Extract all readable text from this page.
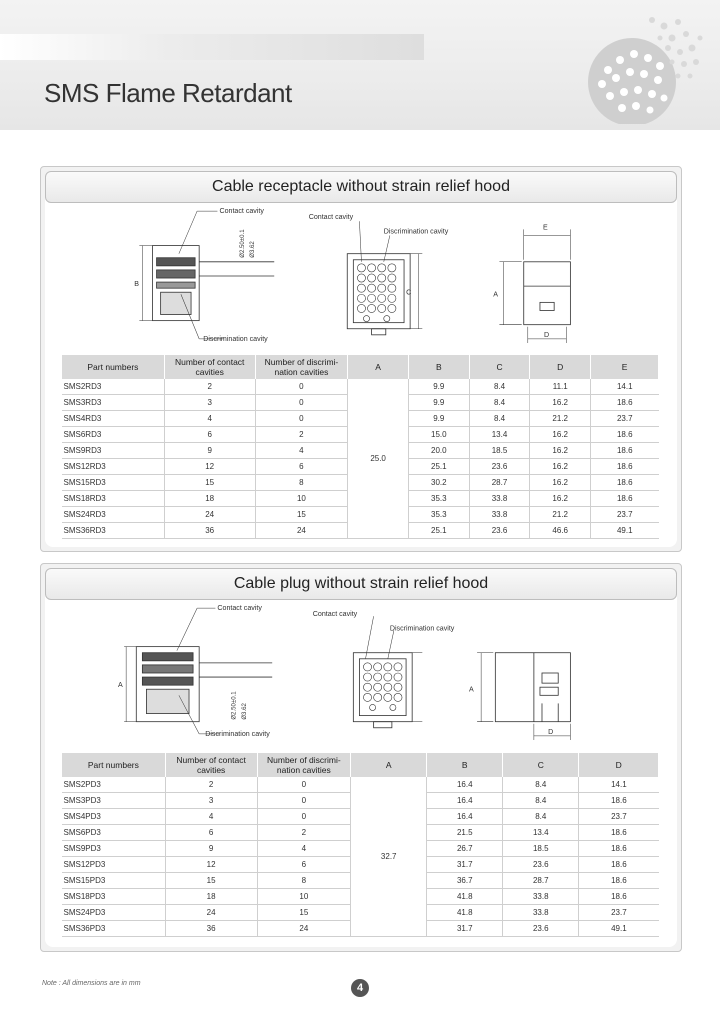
SMS Flame Retardant
Cable receptacle without strain relief hood
Contact cavity
Discrimination cavity
B
Ø2.50±0.1 Ø3.62
Contact cavity
Discrimination cavity
C
E
D
A
Part numbers	Number of contact cavities	Number of discrimi-nation cavities	A	B	C	D	E
SMS2RD3	2	0	25.0	9.9	8.4	11.1	14.1
SMS3RD3	3	0		9.9	8.4	16.2	18.6
SMS4RD3	4	0		9.9	8.4	21.2	23.7
SMS6RD3	6	2		15.0	13.4	16.2	18.6
SMS9RD3	9	4		20.0	18.5	16.2	18.6
SMS12RD3	12	6		25.1	23.6	16.2	18.6
SMS15RD3	15	8		30.2	28.7	16.2	18.6
SMS18RD3	18	10		35.3	33.8	16.2	18.6
SMS24RD3	24	15		35.3	33.8	21.2	23.7
SMS36RD3	36	24		25.1	23.6	46.6	49.1
Cable plug without strain relief hood
Contact cavity
Discrimination cavity
A
Ø2.50±0.1 Ø3.62
Contact cavity
Discrimination cavity
A
D
Part numbers	Number of contact cavities	Number of discrimi-nation cavities	A	B	C	D
SMS2PD3	2	0	32.7	16.4	8.4	14.1
SMS3PD3	3	0		16.4	8.4	18.6
SMS4PD3	4	0		16.4	8.4	23.7
SMS6PD3	6	2		21.5	13.4	18.6
SMS9PD3	9	4		26.7	18.5	18.6
SMS12PD3	12	6		31.7	23.6	18.6
SMS15PD3	15	8		36.7	28.7	18.6
SMS18PD3	18	10		41.8	33.8	18.6
SMS24PD3	24	15		41.8	33.8	23.7
SMS36PD3	36	24		31.7	23.6	49.1
Note : All dimensions are in mm	4
